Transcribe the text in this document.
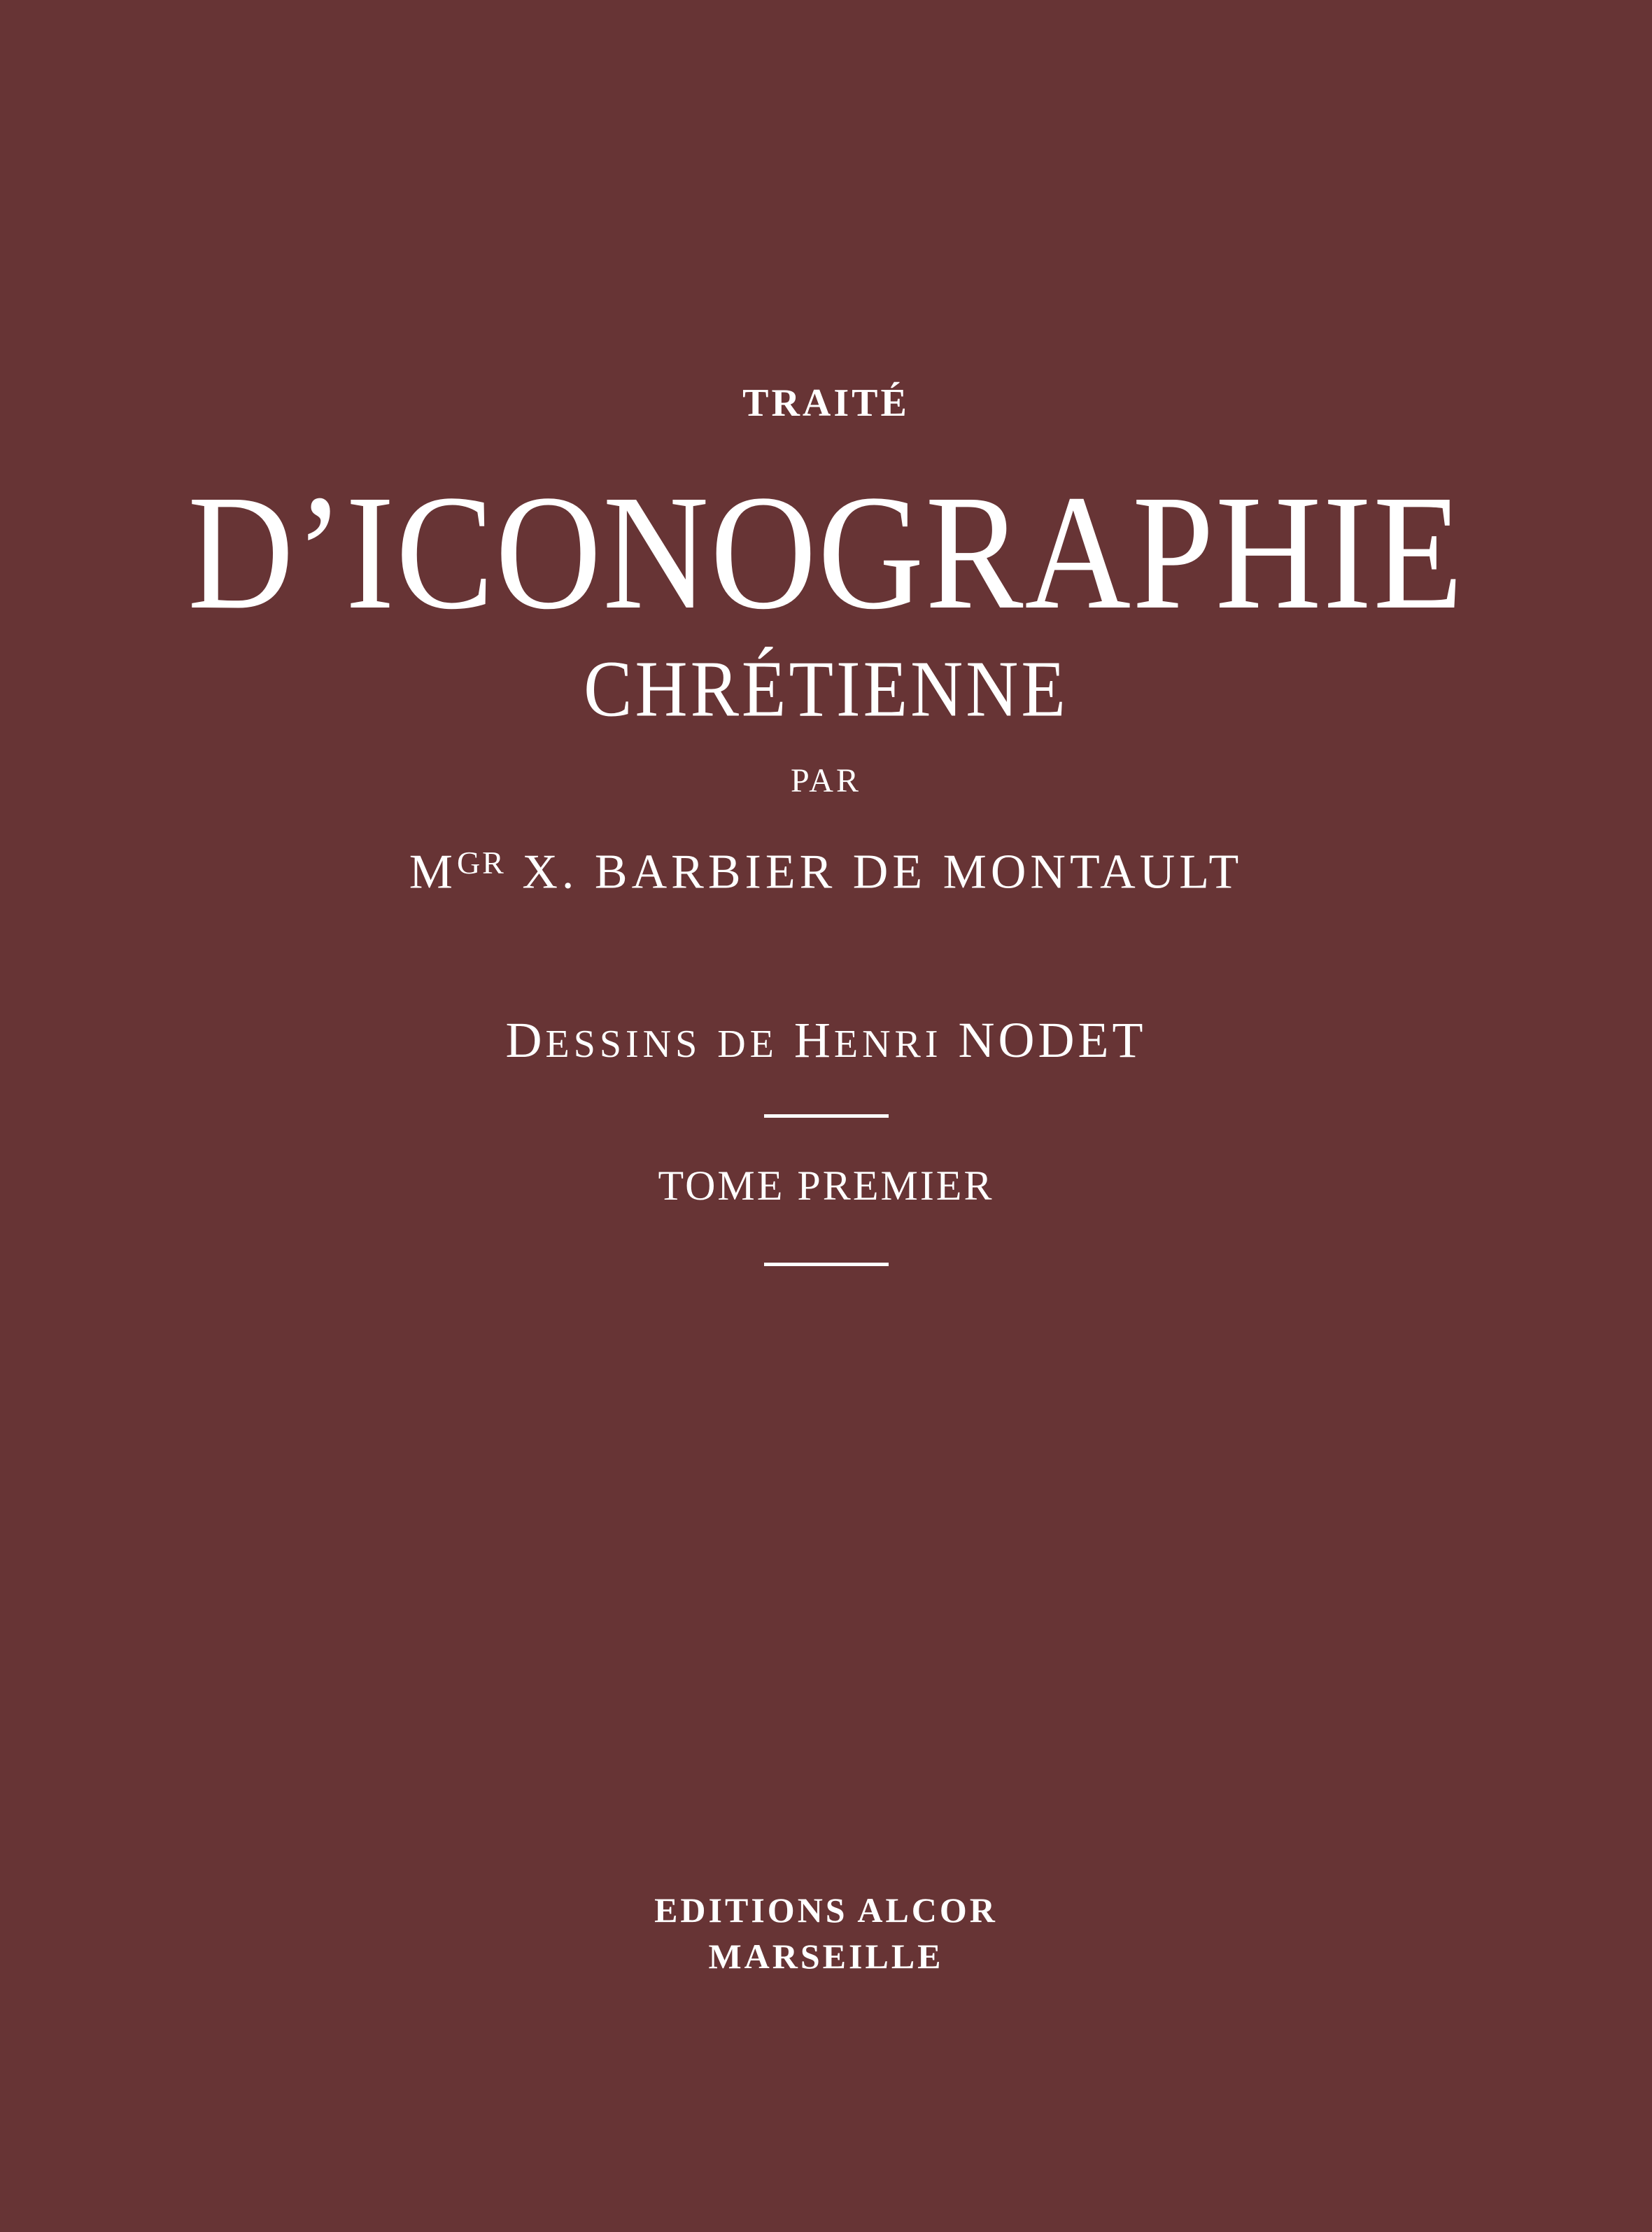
TRAITÉ
D’ICONOGRAPHIE
CHRÉTIENNE
PAR
$M^{GR}$ X. BARBIER DE MONTAULT
DESSINS DE HENRI NODET
TOME PREMIER
EDITIONS ALCOR
MARSEILLE
